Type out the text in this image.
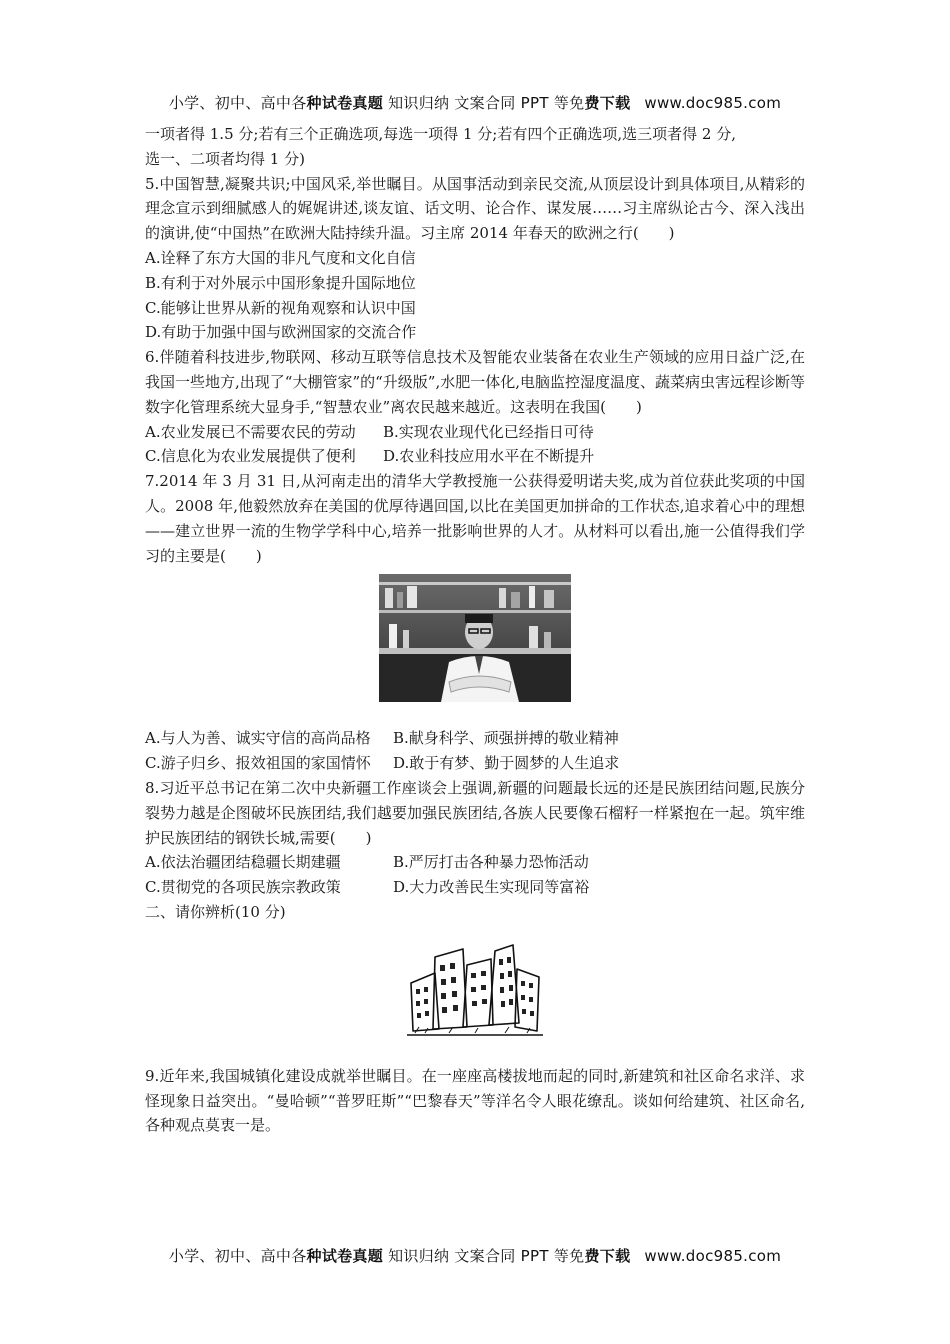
小学、初中、高中各种试卷真题 知识归纳 文案合同 PPT 等免费下载 www.doc985.com

一项者得 1.5 分;若有三个正确选项,每选一项得 1 分;若有四个正确选项,选三项者得 2 分,

选一、二项者均得 1 分)

5.中国智慧,凝聚共识;中国风采,举世瞩目。从国事活动到亲民交流,从顶层设计到具体项目,从精彩的理念宣示到细腻感人的娓娓讲述,谈友谊、话文明、论合作、谋发展……习主席纵论古今、深入浅出的演讲,使“中国热”在欧洲大陆持续升温。习主席 2014 年春天的欧洲之行(　　)

A.诠释了东方大国的非凡气度和文化自信

B.有利于对外展示中国形象提升国际地位

C.能够让世界从新的视角观察和认识中国

D.有助于加强中国与欧洲国家的交流合作

6.伴随着科技进步,物联网、移动互联等信息技术及智能农业装备在农业生产领域的应用日益广泛,在我国一些地方,出现了“大棚管家”的“升级版”,水肥一体化,电脑监控湿度温度、蔬菜病虫害远程诊断等数字化管理系统大显身手,“智慧农业”离农民越来越近。这表明在我国(　　)

A.农业发展已不需要农民的劳动 B.实现农业现代化已经指日可待

C.信息化为农业发展提供了便利 D.农业科技应用水平在不断提升

7.2014 年 3 月 31 日,从河南走出的清华大学教授施一公获得爱明诺夫奖,成为首位获此奖项的中国人。2008 年,他毅然放弃在美国的优厚待遇回国,以比在美国更加拼命的工作状态,追求着心中的理想——建立世界一流的生物学学科中心,培养一批影响世界的人才。从材料可以看出,施一公值得我们学习的主要是(　　)

A.与人为善、诚实守信的高尚品格 B.献身科学、顽强拼搏的敬业精神

C.游子归乡、报效祖国的家国情怀 D.敢于有梦、勤于圆梦的人生追求

8.习近平总书记在第二次中央新疆工作座谈会上强调,新疆的问题最长远的还是民族团结问题,民族分裂势力越是企图破坏民族团结,我们越要加强民族团结,各族人民要像石榴籽一样紧抱在一起。筑牢维护民族团结的钢铁长城,需要(　　)

A.依法治疆团结稳疆长期建疆	B.严厉打击各种暴力恐怖活动

C.贯彻党的各项民族宗教政策	D.大力改善民生实现同等富裕

二、请你辨析(10 分)

9.近年来,我国城镇化建设成就举世瞩目。在一座座高楼拔地而起的同时,新建筑和社区命名求洋、求怪现象日益突出。“曼哈顿”“普罗旺斯”“巴黎春天”等洋名令人眼花缭乱。谈如何给建筑、社区命名,各种观点莫衷一是。

小学、初中、高中各种试卷真题 知识归纳 文案合同 PPT 等免费下载 www.doc985.com
